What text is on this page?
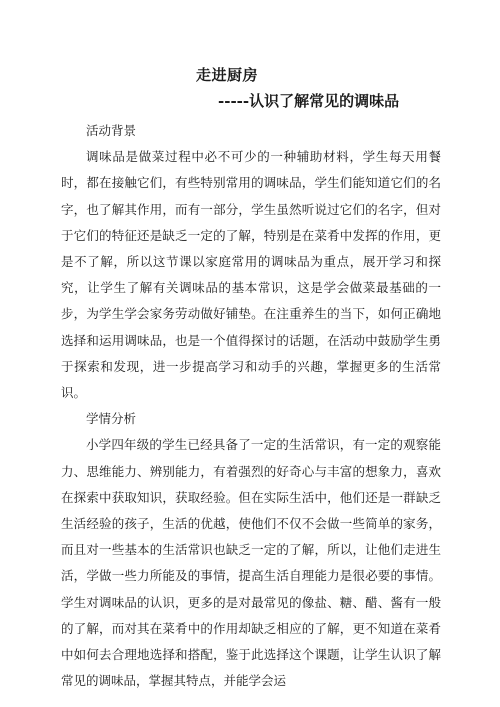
走进厨房
-----认识了解常见的调味品

活动背景

调味品是做菜过程中必不可少的一种辅助材料，学生每天用餐时，都在接触它们，有些特别常用的调味品，学生们能知道它们的名字，也了解其作用，而有一部分，学生虽然听说过它们的名字，但对于它们的特征还是缺乏一定的了解，特别是在菜肴中发挥的作用，更是不了解，所以这节课以家庭常用的调味品为重点，展开学习和探究，让学生了解有关调味品的基本常识，这是学会做菜最基础的一步，为学生学会家务劳动做好铺垫。在注重养生的当下，如何正确地选择和运用调味品，也是一个值得探讨的话题，在活动中鼓励学生勇于探索和发现，进一步提高学习和动手的兴趣，掌握更多的生活常识。

学情分析

小学四年级的学生已经具备了一定的生活常识，有一定的观察能力、思维能力、辨别能力，有着强烈的好奇心与丰富的想象力，喜欢在探索中获取知识，获取经验。但在实际生活中，他们还是一群缺乏生活经验的孩子，生活的优越，使他们不仅不会做一些简单的家务，而且对一些基本的生活常识也缺乏一定的了解，所以，让他们走进生活，学做一些力所能及的事情，提高生活自理能力是很必要的事情。学生对调味品的认识，更多的是对最常见的像盐、糖、醋、酱有一般的了解，而对其在菜肴中的作用却缺乏相应的了解，更不知道在菜肴中如何去合理地选择和搭配，鉴于此选择这个课题，让学生认识了解常见的调味品，掌握其特点，并能学会运
